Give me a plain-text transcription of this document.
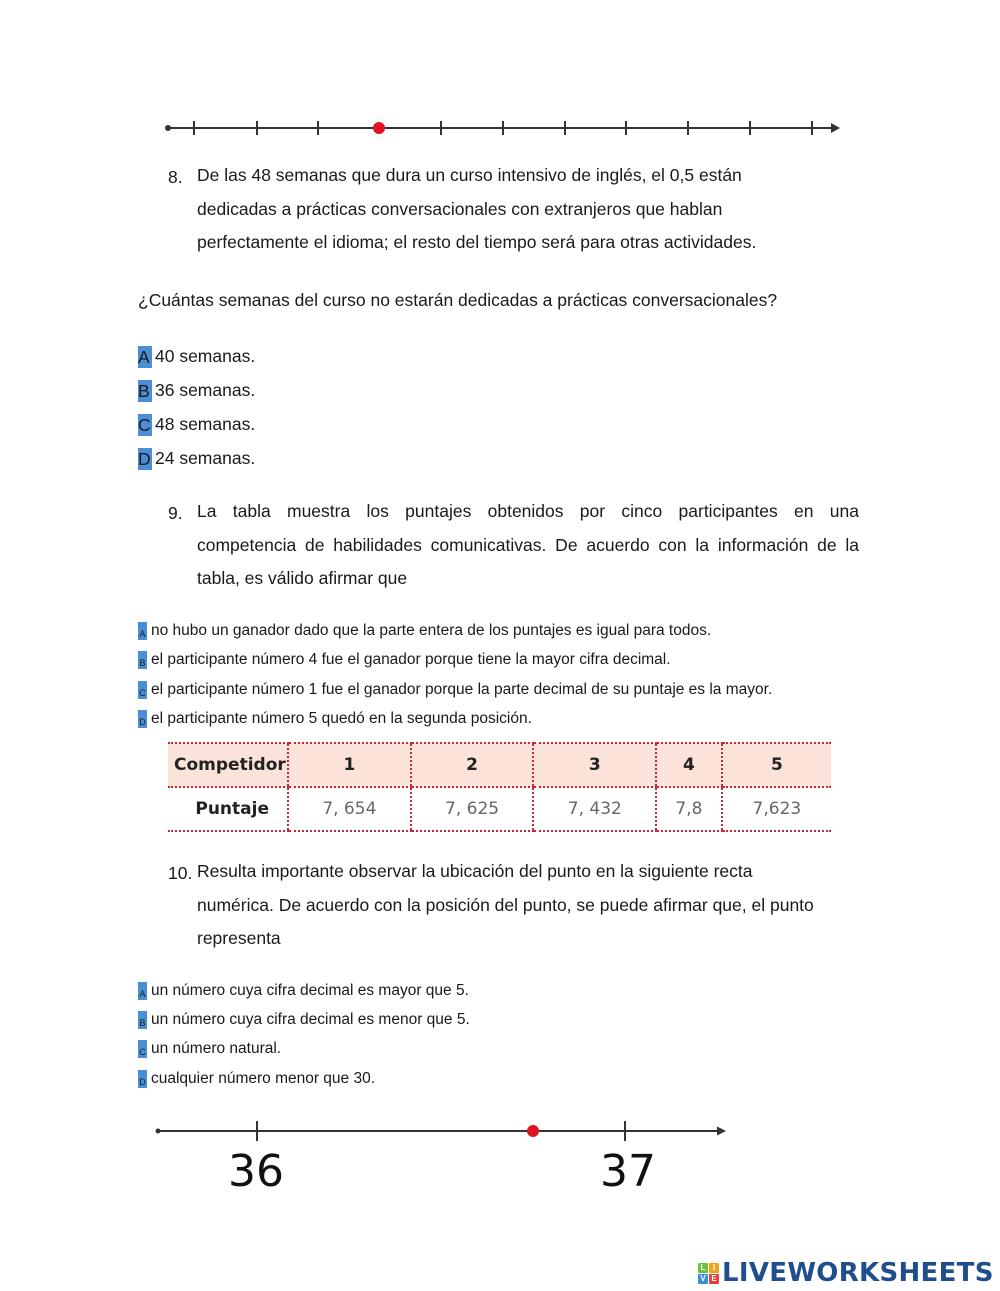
8. De las 48 semanas que dura un curso intensivo de inglés, el 0,5 están
dedicadas a prácticas conversacionales con extranjeros que hablan
perfectamente el idioma; el resto del tiempo será para otras actividades.
¿Cuántas semanas del curso no estarán dedicadas a prácticas conversacionales?
A 40 semanas.
B 36 semanas.
C 48 semanas.
D 24 semanas.
9. La tabla muestra los puntajes obtenidos por cinco participantes en una
competencia de habilidades comunicativas. De acuerdo con la información de la
tabla, es válido afirmar que
A no hubo un ganador dado que la parte entera de los puntajes es igual para todos.
B el participante número 4 fue el ganador porque tiene la mayor cifra decimal.
C el participante número 1 fue el ganador porque la parte decimal de su puntaje es la mayor.
D el participante número 5 quedó en la segunda posición.
Competidor	1	2	3	4	5
Puntaje	7, 654	7, 625	7, 432	7,8	7,623
10. Resulta importante observar la ubicación del punto en la siguiente recta
numérica. De acuerdo con la posición del punto, se puede afirmar que, el punto
representa
A un número cuya cifra decimal es mayor que 5.
B un número cuya cifra decimal es menor que 5.
C un número natural.
D cualquier número menor que 30.
36	37
L I
V E LIVEWORKSHEETS
